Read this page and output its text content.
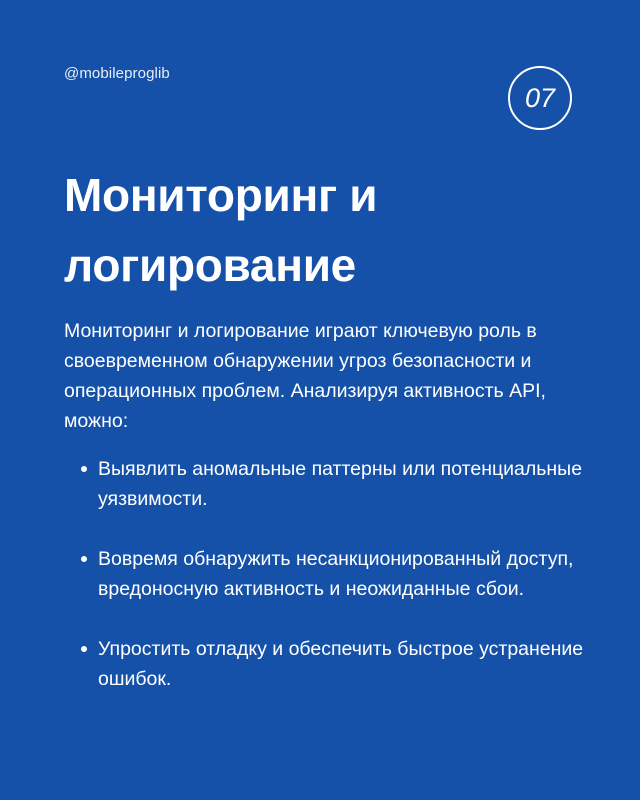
@mobileproglib
07
Мониторинг и логирование

Мониторинг и логирование играют ключевую роль в своевременном обнаружении угроз безопасности и операционных проблем. Анализируя активность API, можно:

Выявлить аномальные паттерны или потенциальные уязвимости.
Вовремя обнаружить несанкционированный доступ, вредоносную активность и неожиданные сбои.
Упростить отладку и обеспечить быстрое устранение ошибок.
